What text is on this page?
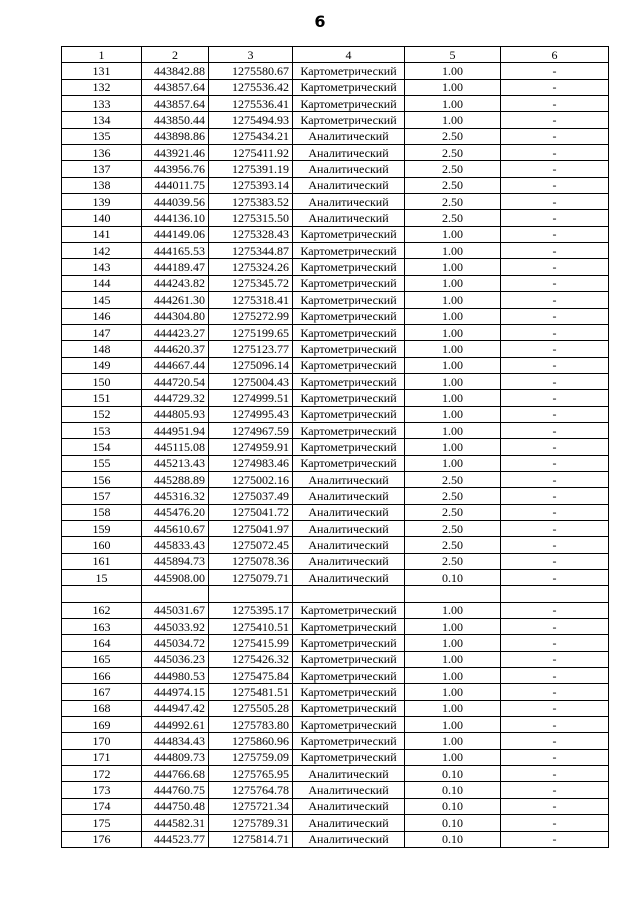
6
1	2	3	4	5	6
131	443842.88	1275580.67	Картометрический	1.00	-
132	443857.64	1275536.42	Картометрический	1.00	-
133	443857.64	1275536.41	Картометрический	1.00	-
134	443850.44	1275494.93	Картометрический	1.00	-
135	443898.86	1275434.21	Аналитический	2.50	-
136	443921.46	1275411.92	Аналитический	2.50	-
137	443956.76	1275391.19	Аналитический	2.50	-
138	444011.75	1275393.14	Аналитический	2.50	-
139	444039.56	1275383.52	Аналитический	2.50	-
140	444136.10	1275315.50	Аналитический	2.50	-
141	444149.06	1275328.43	Картометрический	1.00	-
142	444165.53	1275344.87	Картометрический	1.00	-
143	444189.47	1275324.26	Картометрический	1.00	-
144	444243.82	1275345.72	Картометрический	1.00	-
145	444261.30	1275318.41	Картометрический	1.00	-
146	444304.80	1275272.99	Картометрический	1.00	-
147	444423.27	1275199.65	Картометрический	1.00	-
148	444620.37	1275123.77	Картометрический	1.00	-
149	444667.44	1275096.14	Картометрический	1.00	-
150	444720.54	1275004.43	Картометрический	1.00	-
151	444729.32	1274999.51	Картометрический	1.00	-
152	444805.93	1274995.43	Картометрический	1.00	-
153	444951.94	1274967.59	Картометрический	1.00	-
154	445115.08	1274959.91	Картометрический	1.00	-
155	445213.43	1274983.46	Картометрический	1.00	-
156	445288.89	1275002.16	Аналитический	2.50	-
157	445316.32	1275037.49	Аналитический	2.50	-
158	445476.20	1275041.72	Аналитический	2.50	-
159	445610.67	1275041.97	Аналитический	2.50	-
160	445833.43	1275072.45	Аналитический	2.50	-
161	445894.73	1275078.36	Аналитический	2.50	-
15	445908.00	1275079.71	Аналитический	0.10	-

162	445031.67	1275395.17	Картометрический	1.00	-
163	445033.92	1275410.51	Картометрический	1.00	-
164	445034.72	1275415.99	Картометрический	1.00	-
165	445036.23	1275426.32	Картометрический	1.00	-
166	444980.53	1275475.84	Картометрический	1.00	-
167	444974.15	1275481.51	Картометрический	1.00	-
168	444947.42	1275505.28	Картометрический	1.00	-
169	444992.61	1275783.80	Картометрический	1.00	-
170	444834.43	1275860.96	Картометрический	1.00	-
171	444809.73	1275759.09	Картометрический	1.00	-
172	444766.68	1275765.95	Аналитический	0.10	-
173	444760.75	1275764.78	Аналитический	0.10	-
174	444750.48	1275721.34	Аналитический	0.10	-
175	444582.31	1275789.31	Аналитический	0.10	-
176	444523.77	1275814.71	Аналитический	0.10	-
